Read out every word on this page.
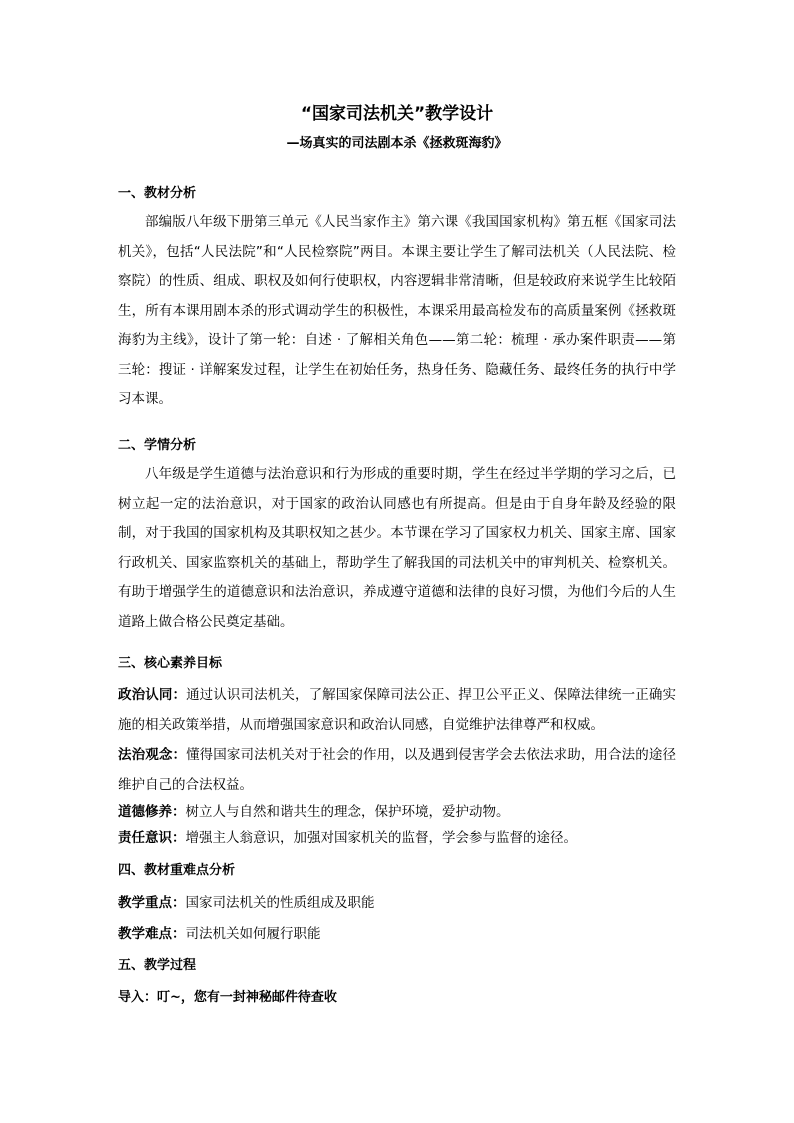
“国家司法机关”教学设计
—场真实的司法剧本杀《拯救斑海豹》
一、教材分析

部编版八年级下册第三单元《人民当家作主》第六课《我国国家机构》第五框《国家司法机关》，包括“人民法院”和“人民检察院”两目。本课主要让学生了解司法机关（人民法院、检察院）的性质、组成、职权及如何行使职权，内容逻辑非常清晰，但是较政府来说学生比较陌生，所有本课用剧本杀的形式调动学生的积极性，本课采用最高检发布的高质量案例《拯救斑海豹为主线》，设计了第一轮：自述 · 了解相关角色——第二轮：梳理 · 承办案件职责——第三轮：搜证 · 详解案发过程，让学生在初始任务，热身任务、隐藏任务、最终任务的执行中学习本课。

二、学情分析

八年级是学生道德与法治意识和行为形成的重要时期，学生在经过半学期的学习之后，已树立起一定的法治意识，对于国家的政治认同感也有所提高。但是由于自身年龄及经验的限制，对于我国的国家机构及其职权知之甚少。本节课在学习了国家权力机关、国家主席、国家行政机关、国家监察机关的基础上，帮助学生了解我国的司法机关中的审判机关、检察机关。有助于增强学生的道德意识和法治意识，养成遵守道德和法律的良好习惯，为他们今后的人生道路上做合格公民奠定基础。

三、核心素养目标

政治认同：通过认识司法机关，了解国家保障司法公正、捍卫公平正义、保障法律统一正确实施的相关政策举措，从而增强国家意识和政治认同感，自觉维护法律尊严和权威。

法治观念：懂得国家司法机关对于社会的作用，以及遇到侵害学会去依法求助，用合法的途径维护自己的合法权益。

道德修养：树立人与自然和谐共生的理念，保护环境，爱护动物。
责任意识：增强主人翁意识，加强对国家机关的监督，学会参与监督的途径。
四、教材重难点分析
教学重点：国家司法机关的性质组成及职能
教学难点：司法机关如何履行职能
五、教学过程
导入：叮~，您有一封神秘邮件待查收
